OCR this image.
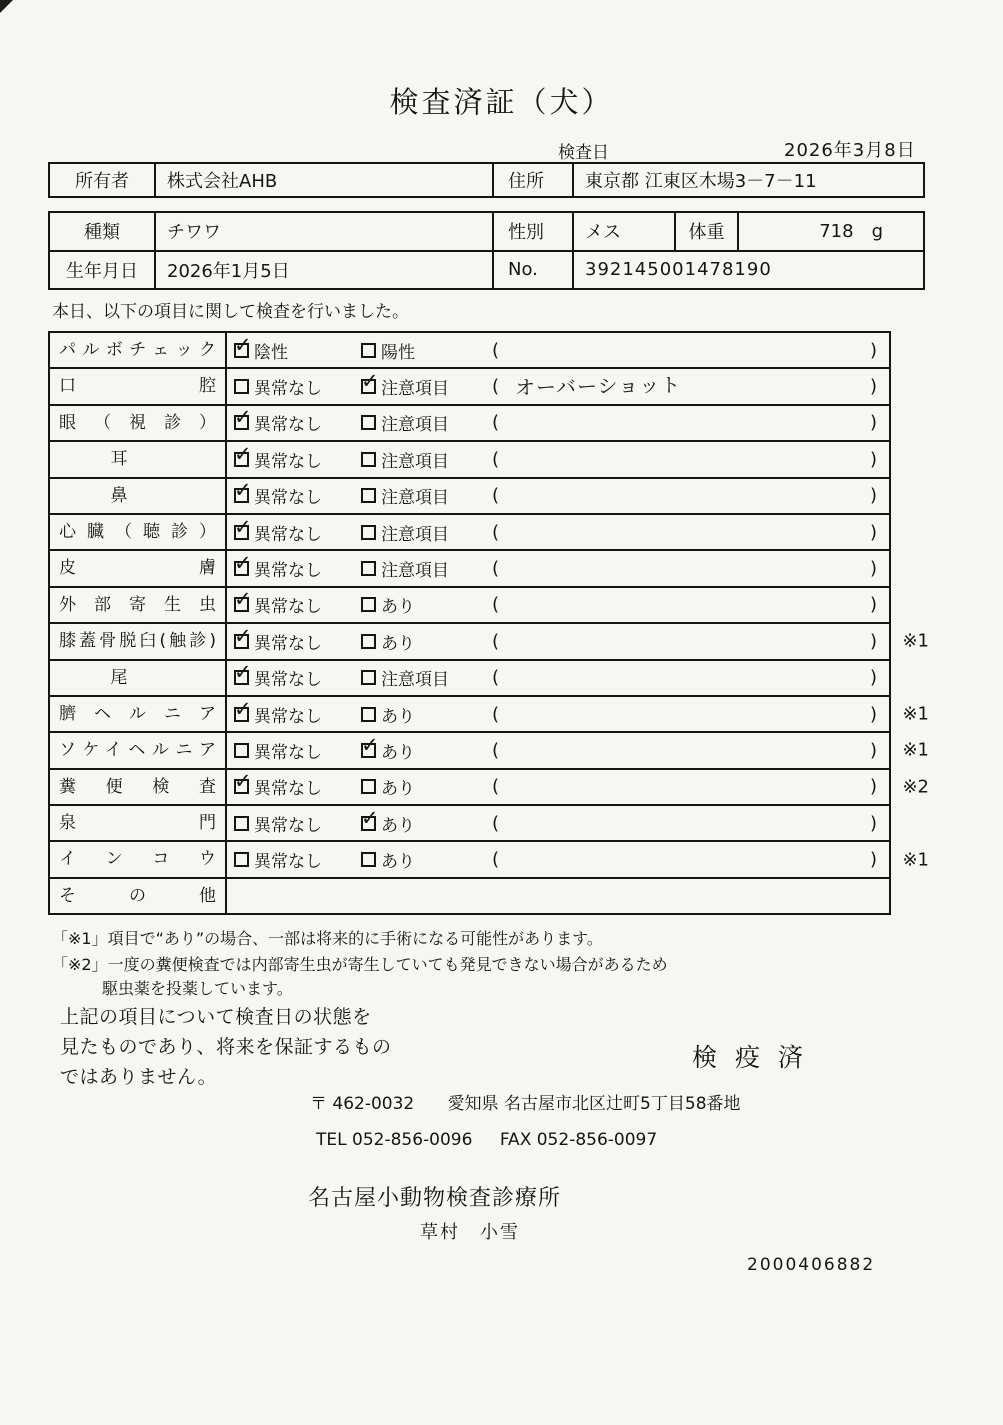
検査済証（犬）
検査日	2026年3月8日
所有者	株式会社AHB	住所	東京都 江東区木場3－7－11
種類	チワワ	性別	メス	体重	718 g
生年月日	2026年1月5日	No.	392145001478190
本日、以下の項目に関して検査を行いました。
パルボチェック ✓	陰性	陽性	(	)
口腔	異常なし ✓	注意項目 ( オーバーショット	)
眼（視診） ✓	異常なし	注意項目 (	)
耳 ✓	異常なし	注意項目 (	)
鼻 ✓	異常なし	注意項目 (	)
心臓（聴診） ✓	異常なし	注意項目 (	)
皮膚 ✓	異常なし	注意項目 (	)
外部寄生虫 ✓	異常なし	あり	(	)
膝蓋骨脱臼(触診) ✓	異常なし	あり	(	) ※1
尾 ✓	異常なし	注意項目 (	)
臍ヘルニア ✓	異常なし	あり	(	) ※1
ソケイヘルニア	異常なし ✓	あり	(	) ※1
糞便検査 ✓	異常なし	あり	(	) ※2
泉門	異常なし ✓	あり	(	)
インコウ	異常なし	あり	(	) ※1
その他
「※1」項目で“あり”の場合、一部は将来的に手術になる可能性があります。
「※2」一度の糞便検査では内部寄生虫が寄生していても発見できない場合があるため
駆虫薬を投薬しています。
上記の項目について検査日の状態を
見たものであり、将来を保証するもの
ではありません。
検 疫 済
〒 462-0032 愛知県 名古屋市北区辻町5丁目58番地
TEL 052-856-0096 FAX 052-856-0097
名古屋小動物検査診療所
草村　小雪
2000406882
